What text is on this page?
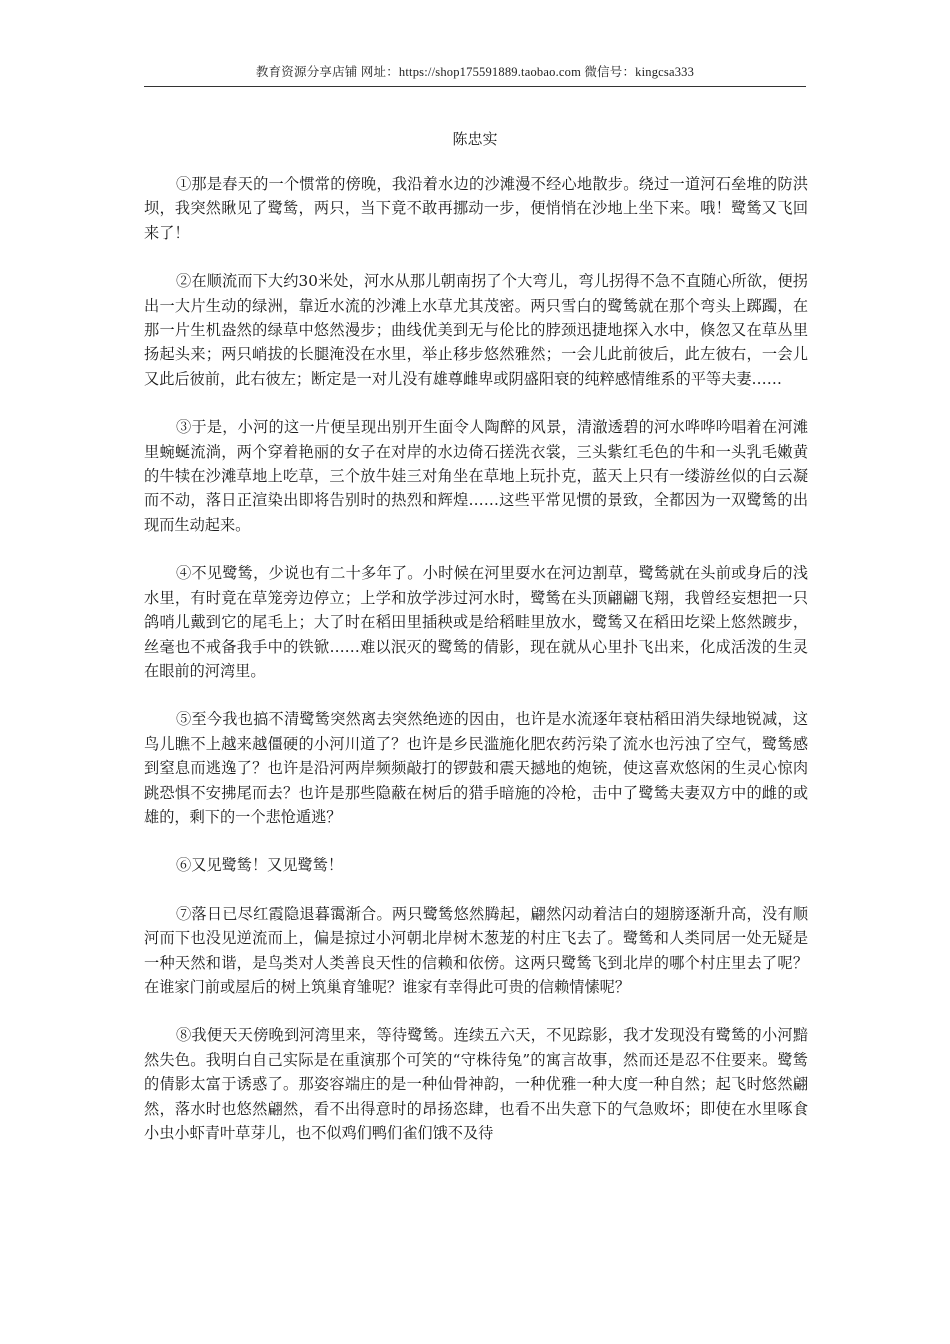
教育资源分享店铺 网址：https://shop175591889.taobao.com 微信号：kingcsa333
陈忠实

①那是春天的一个惯常的傍晚，我沿着水边的沙滩漫不经心地散步。绕过一道河石垒堆的防洪坝，我突然瞅见了鹭鸶，两只，当下竟不敢再挪动一步，便悄悄在沙地上坐下来。哦！鹭鸶又飞回来了！

②在顺流而下大约30米处，河水从那儿朝南拐了个大弯儿，弯儿拐得不急不直随心所欲，便拐出一大片生动的绿洲，靠近水流的沙滩上水草尤其茂密。两只雪白的鹭鸶就在那个弯头上踯躅，在那一片生机盎然的绿草中悠然漫步；曲线优美到无与伦比的脖颈迅捷地探入水中，倏忽又在草丛里扬起头来；两只峭拔的长腿淹没在水里，举止移步悠然雅然；一会儿此前彼后，此左彼右，一会儿又此后彼前，此右彼左；断定是一对儿没有雄尊雌卑或阴盛阳衰的纯粹感情维系的平等夫妻……

③于是，小河的这一片便呈现出别开生面令人陶醉的风景，清澈透碧的河水哗哗吟唱着在河滩里蜿蜒流淌，两个穿着艳丽的女子在对岸的水边倚石搓洗衣裳，三头紫红毛色的牛和一头乳毛嫩黄的牛犊在沙滩草地上吃草，三个放牛娃三对角坐在草地上玩扑克，蓝天上只有一缕游丝似的白云凝而不动，落日正渲染出即将告别时的热烈和辉煌……这些平常见惯的景致，全都因为一双鹭鸶的出现而生动起来。

④不见鹭鸶，少说也有二十多年了。小时候在河里耍水在河边割草，鹭鸶就在头前或身后的浅水里，有时竟在草笼旁边停立；上学和放学涉过河水时，鹭鸶在头顶翩翩飞翔，我曾经妄想把一只鸽哨儿戴到它的尾毛上；大了时在稻田里插秧或是给稻畦里放水，鹭鸶又在稻田圪梁上悠然踱步，丝毫也不戒备我手中的铁锨……难以泯灭的鹭鸶的倩影，现在就从心里扑飞出来，化成活泼的生灵在眼前的河湾里。

⑤至今我也搞不清鹭鸶突然离去突然绝迹的因由，也许是水流逐年衰枯稻田消失绿地锐减，这鸟儿瞧不上越来越僵硬的小河川道了？也许是乡民滥施化肥农药污染了流水也污浊了空气，鹭鸶感到窒息而逃逸了？也许是沿河两岸频频敲打的锣鼓和震天撼地的炮铳，使这喜欢悠闲的生灵心惊肉跳恐惧不安拂尾而去？也许是那些隐蔽在树后的猎手暗施的冷枪，击中了鹭鸶夫妻双方中的雌的或雄的，剩下的一个悲怆遁逃？

⑥又见鹭鸶！又见鹭鸶！

⑦落日已尽红霞隐退暮霭渐合。两只鹭鸶悠然腾起，翩然闪动着洁白的翅膀逐渐升高，没有顺河而下也没见逆流而上，偏是掠过小河朝北岸树木葱茏的村庄飞去了。鹭鸶和人类同居一处无疑是一种天然和谐，是鸟类对人类善良天性的信赖和依傍。这两只鹭鸶飞到北岸的哪个村庄里去了呢？在谁家门前或屋后的树上筑巢育雏呢？谁家有幸得此可贵的信赖情愫呢？

⑧我便天天傍晚到河湾里来，等待鹭鸶。连续五六天，不见踪影，我才发现没有鹭鸶的小河黯然失色。我明白自己实际是在重演那个可笑的“守株待兔”的寓言故事，然而还是忍不住要来。鹭鸶的倩影太富于诱惑了。那姿容端庄的是一种仙骨神韵，一种优雅一种大度一种自然；起飞时悠然翩然，落水时也悠然翩然，看不出得意时的昂扬恣肆，也看不出失意下的气急败坏；即使在水里啄食小虫小虾青叶草芽儿，也不似鸡们鸭们雀们饿不及待
